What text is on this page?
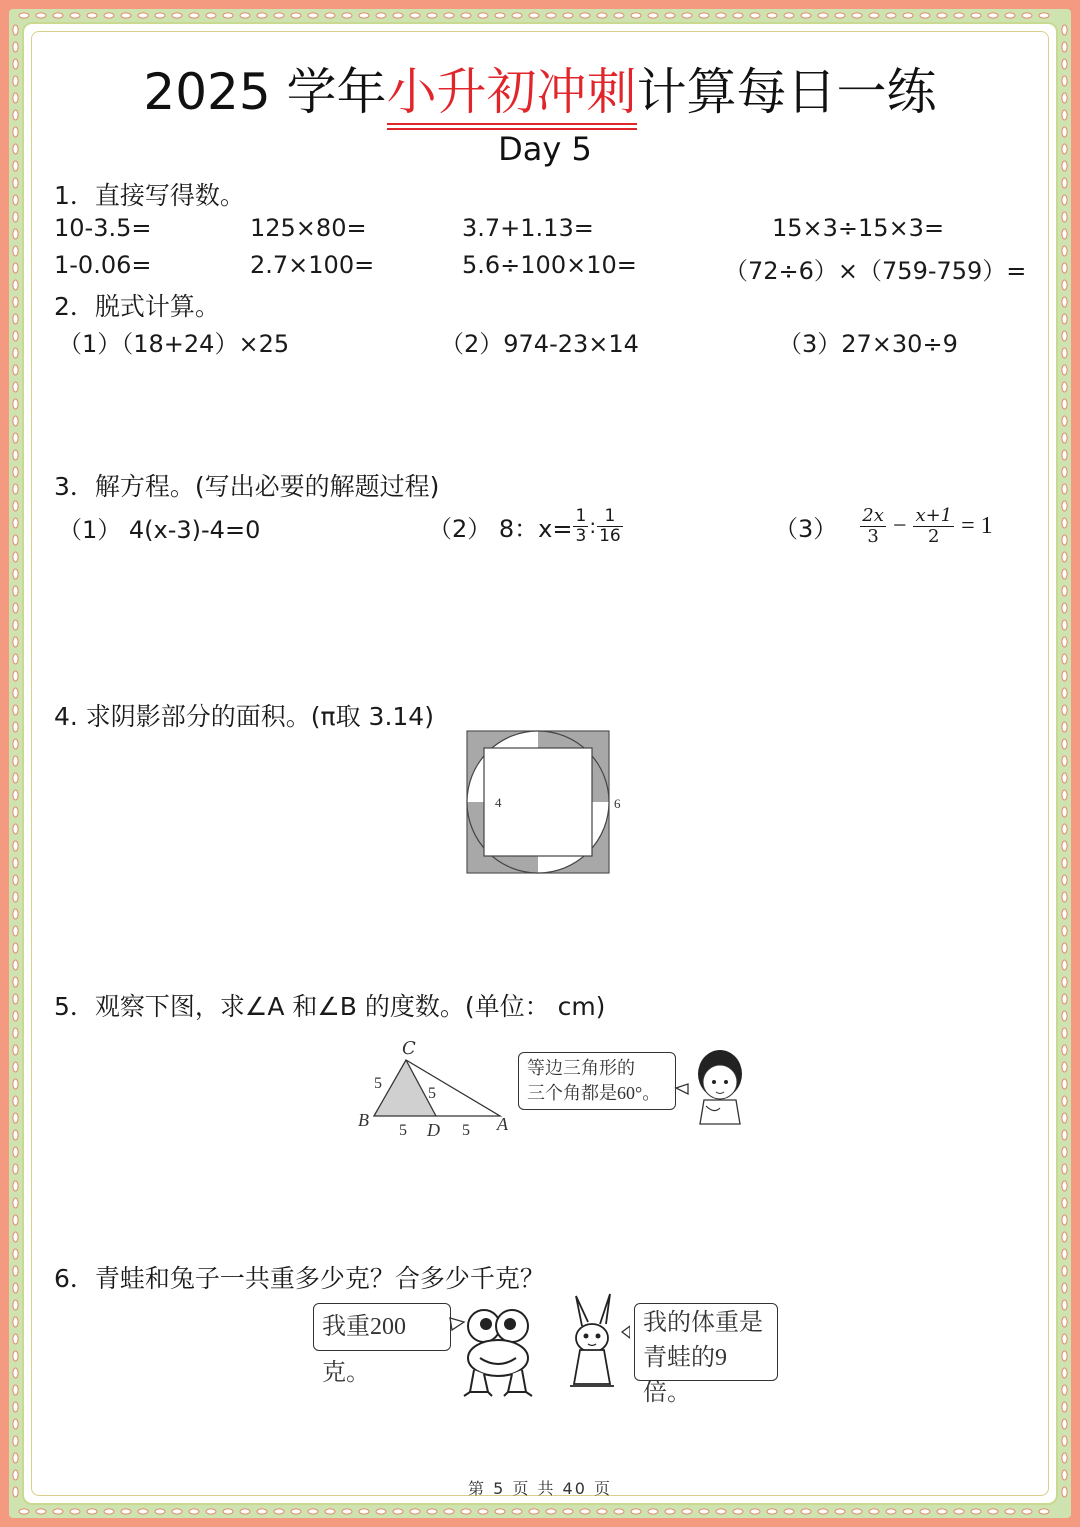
2025 学年小升初冲刺计算每日一练
Day 5
1．直接写得数。
10-3.5=	125×80=	3.7+1.13=	15×3÷15×3=
1-0.06=	2.7×100=	5.6÷100×10=	（72÷6）×（759-759）=
2．脱式计算。
（1）（18+24）×25	（2）974-23×14	（3）27×30÷9
3．解方程。(写出必要的解题过程)
（1） 4(x-3)-4=0	（2） 8：$x= \frac{1}{3}$ : $\frac{1}{16}$	$(3) \frac{2x}{3} - \frac{x+1}{2} = 1$
4. 求阴影部分的面积。(π取 3.14)
4	6
5．观察下图，求∠A 和∠B 的度数。(单位： cm)
C
B	A
D
5
5
5	5
等边三角形的
三个角都是60°。
6．青蛙和兔子一共重多少克？合多少千克？
我重200克。
我的体重是
青蛙的9倍。
第 5 页 共 40 页
